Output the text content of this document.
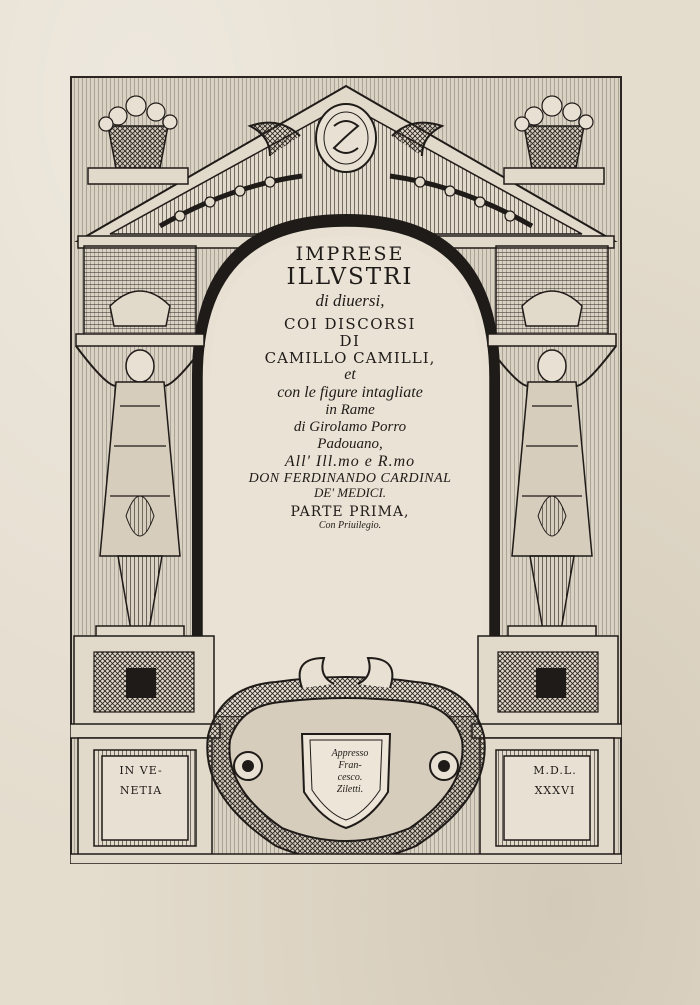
IMPRESE
ILLVSTRI
di diuersi,
COI DISCORSI
DI
CAMILLO CAMILLI,
et
con le figure intagliate
in Rame
di Girolamo Porro
Padouano,
All' Ill.mo e R.mo
DON FERDINANDO CARDINAL
DE' MEDICI.
PARTE PRIMA,
Con Priuilegio.
Appresso
Fran-
cesco.
Ziletti.
IN VE-
NETIA
M.D.L.
XXXVI
